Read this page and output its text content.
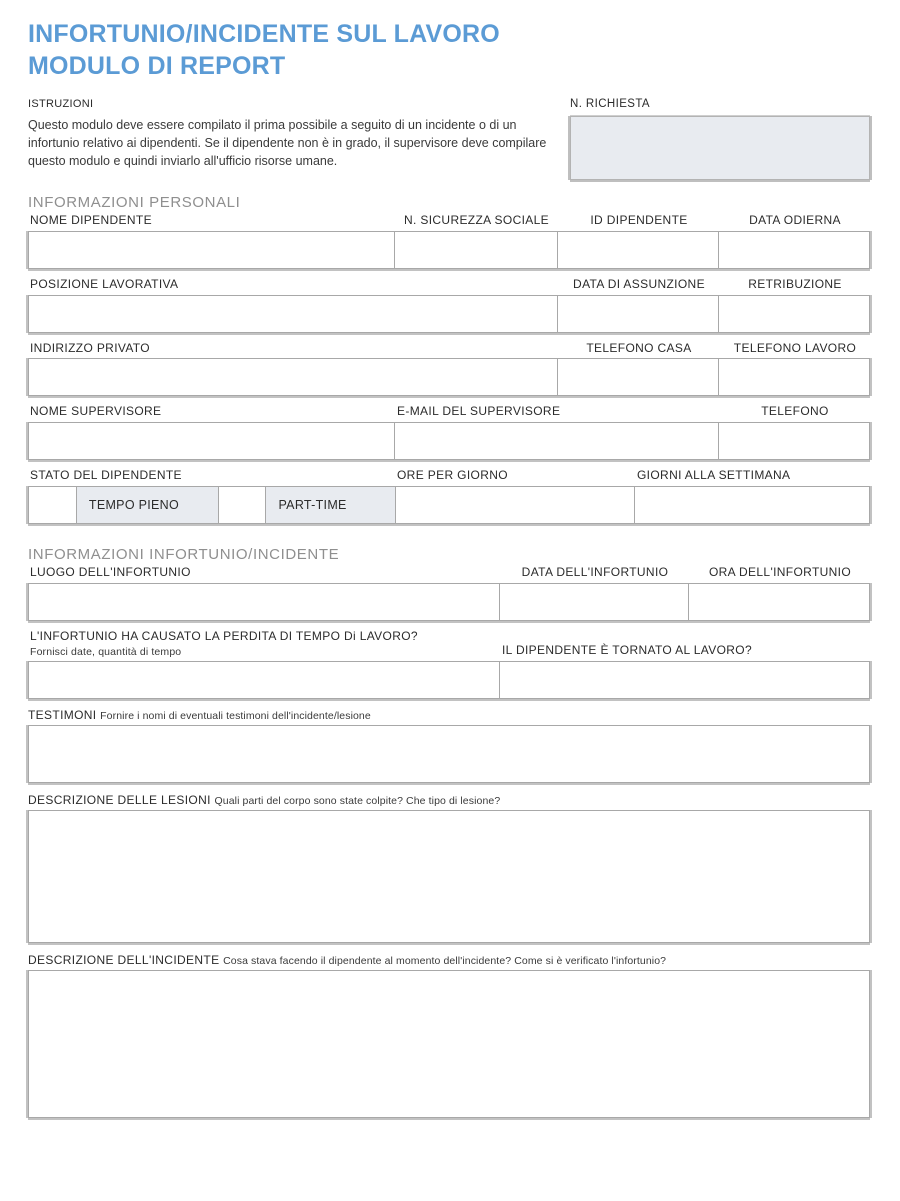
INFORTUNIO/INCIDENTE SUL LAVORO
MODULO DI REPORT
ISTRUZIONI
Questo modulo deve essere compilato il prima possibile a seguito di un incidente o di un infortunio relativo ai dipendenti. Se il dipendente non è in grado, il supervisore deve compilare questo modulo e quindi inviarlo all'ufficio risorse umane.
N. RICHIESTA
INFORMAZIONI PERSONALI
NOME DIPENDENTE	N. SICUREZZA SOCIALE	ID DIPENDENTE	DATA ODIERNA
POSIZIONE LAVORATIVA	DATA DI ASSUNZIONE	RETRIBUZIONE
INDIRIZZO PRIVATO	TELEFONO CASA	TELEFONO LAVORO
NOME SUPERVISORE	E-MAIL DEL SUPERVISORE	TELEFONO
STATO DEL DIPENDENTE	ORE PER GIORNO	GIORNI ALLA SETTIMANA
TEMPO PIENO	PART-TIME
INFORMAZIONI INFORTUNIO/INCIDENTE
LUOGO DELL'INFORTUNIO	DATA DELL'INFORTUNIO	ORA DELL'INFORTUNIO
L'INFORTUNIO HA CAUSATO LA PERDITA DI TEMPO Di LAVORO?
Fornisci date, quantità di tempo	IL DIPENDENTE È TORNATO AL LAVORO?
TESTIMONI Fornire i nomi di eventuali testimoni dell'incidente/lesione
DESCRIZIONE DELLE LESIONI Quali parti del corpo sono state colpite? Che tipo di lesione?
DESCRIZIONE DELL'INCIDENTE Cosa stava facendo il dipendente al momento dell'incidente? Come si è verificato l'infortunio?
